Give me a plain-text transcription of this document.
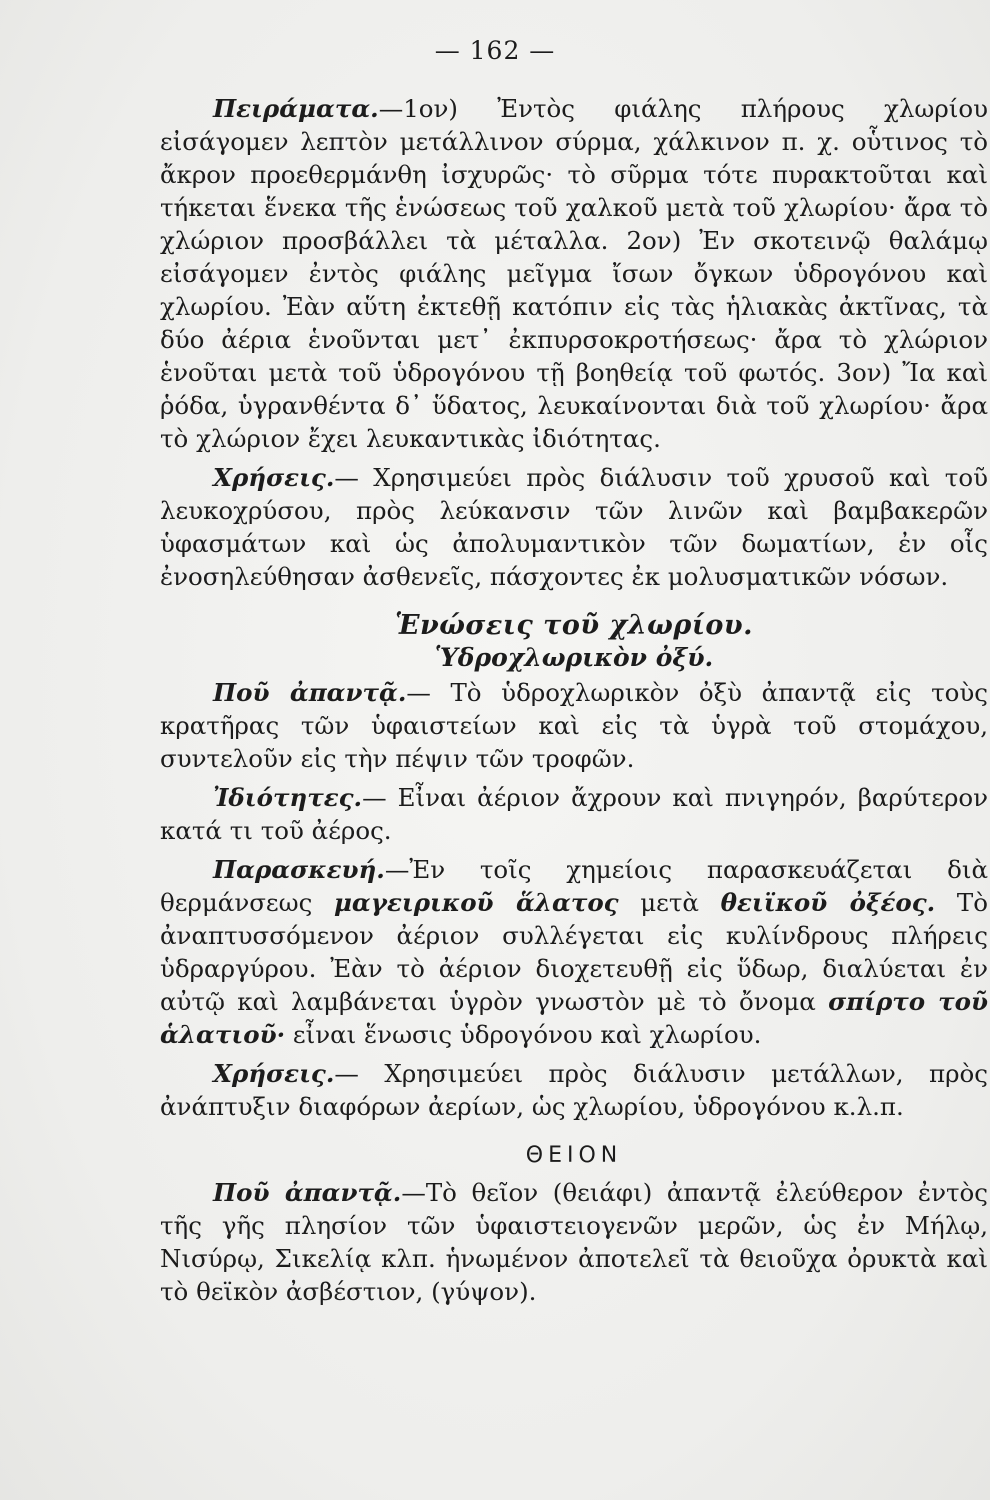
— 162 —

Πειράματα.—1ον) Ἐντὸς φιάλης πλήρους χλωρίου εἰσάγομεν λεπτὸν μετάλλινον σύρμα, χάλκινον π. χ. οὗτινος τὸ ἄκρον προεθερμάνθη ἰσχυρῶς· τὸ σῦρμα τότε πυρακτοῦται καὶ τήκεται ἕνεκα τῆς ἑνώσεως τοῦ χαλκοῦ μετὰ τοῦ χλωρίου· ἄρα τὸ χλώριον προσβάλλει τὰ μέταλλα. 2ον) Ἐν σκοτεινῷ θαλάμῳ εἰσάγομεν ἐντὸς φιάλης μεῖγμα ἴσων ὄγκων ὑδρογόνου καὶ χλωρίου. Ἐὰν αὕτη ἐκτεθῇ κατόπιν εἰς τὰς ἡλιακὰς ἀκτῖνας, τὰ δύο ἀέρια ἑνοῦνται μετ᾽ ἐκπυρσοκροτήσεως· ἄρα τὸ χλώριον ἑνοῦται μετὰ τοῦ ὑδρογόνου τῇ βοηθείᾳ τοῦ φωτός. 3ον) Ἴα καὶ ῥόδα, ὑγρανθέντα δ᾽ ὕδατος, λευκαίνονται διὰ τοῦ χλωρίου· ἄρα τὸ χλώριον ἔχει λευκαντικὰς ἰδιότητας.

Χρήσεις.— Χρησιμεύει πρὸς διάλυσιν τοῦ χρυσοῦ καὶ τοῦ λευκοχρύσου, πρὸς λεύκανσιν τῶν λινῶν καὶ βαμβακερῶν ὑφασμάτων καὶ ὡς ἀπολυμαντικὸν τῶν δωματίων, ἐν οἷς ἐνοσηλεύθησαν ἀσθενεῖς, πάσχοντες ἐκ μολυσματικῶν νόσων.

Ἑνώσεις τοῦ χλωρίου.
Ὑδροχλωρικὸν ὀξύ.

Ποῦ ἀπαντᾷ.— Τὸ ὑδροχλωρικὸν ὀξὺ ἀπαντᾷ εἰς τοὺς κρατῆρας τῶν ὑφαιστείων καὶ εἰς τὰ ὑγρὰ τοῦ στομάχου, συντελοῦν εἰς τὴν πέψιν τῶν τροφῶν.

Ἰδιότητες.— Εἶναι ἀέριον ἄχρουν καὶ πνιγηρόν, βαρύτερον κατά τι τοῦ ἀέρος.

Παρασκευή.—Ἐν τοῖς χημείοις παρασκευάζεται διὰ θερμάνσεως μαγειρικοῦ ἅλατος μετὰ θειϊκοῦ ὀξέος. Τὸ ἀναπτυσσόμενον ἀέριον συλλέγεται εἰς κυλίνδρους πλήρεις ὑδραργύρου. Ἐὰν τὸ ἀέριον διοχετευθῇ εἰς ὕδωρ, διαλύεται ἐν αὐτῷ καὶ λαμβάνεται ὑγρὸν γνωστὸν μὲ τὸ ὄνομα σπίρτο τοῦ ἁλατιοῦ· εἶναι ἕνωσις ὑδρογόνου καὶ χλωρίου.

Χρήσεις.— Χρησιμεύει πρὸς διάλυσιν μετάλλων, πρὸς ἀνάπτυξιν διαφόρων ἀερίων, ὡς χλωρίου, ὑδρογόνου κ.λ.π.

ΘΕΙΟΝ

Ποῦ ἀπαντᾷ.—Τὸ θεῖον (θειάφι) ἀπαντᾷ ἐλεύθερον ἐντὸς τῆς γῆς πλησίον τῶν ὑφαιστειογενῶν μερῶν, ὡς ἐν Μήλῳ, Νισύρῳ, Σικελίᾳ κλπ. ἡνωμένον ἀποτελεῖ τὰ θειοῦχα ὀρυκτὰ καὶ τὸ θεϊκὸν ἀσβέστιον, (γύψον).
